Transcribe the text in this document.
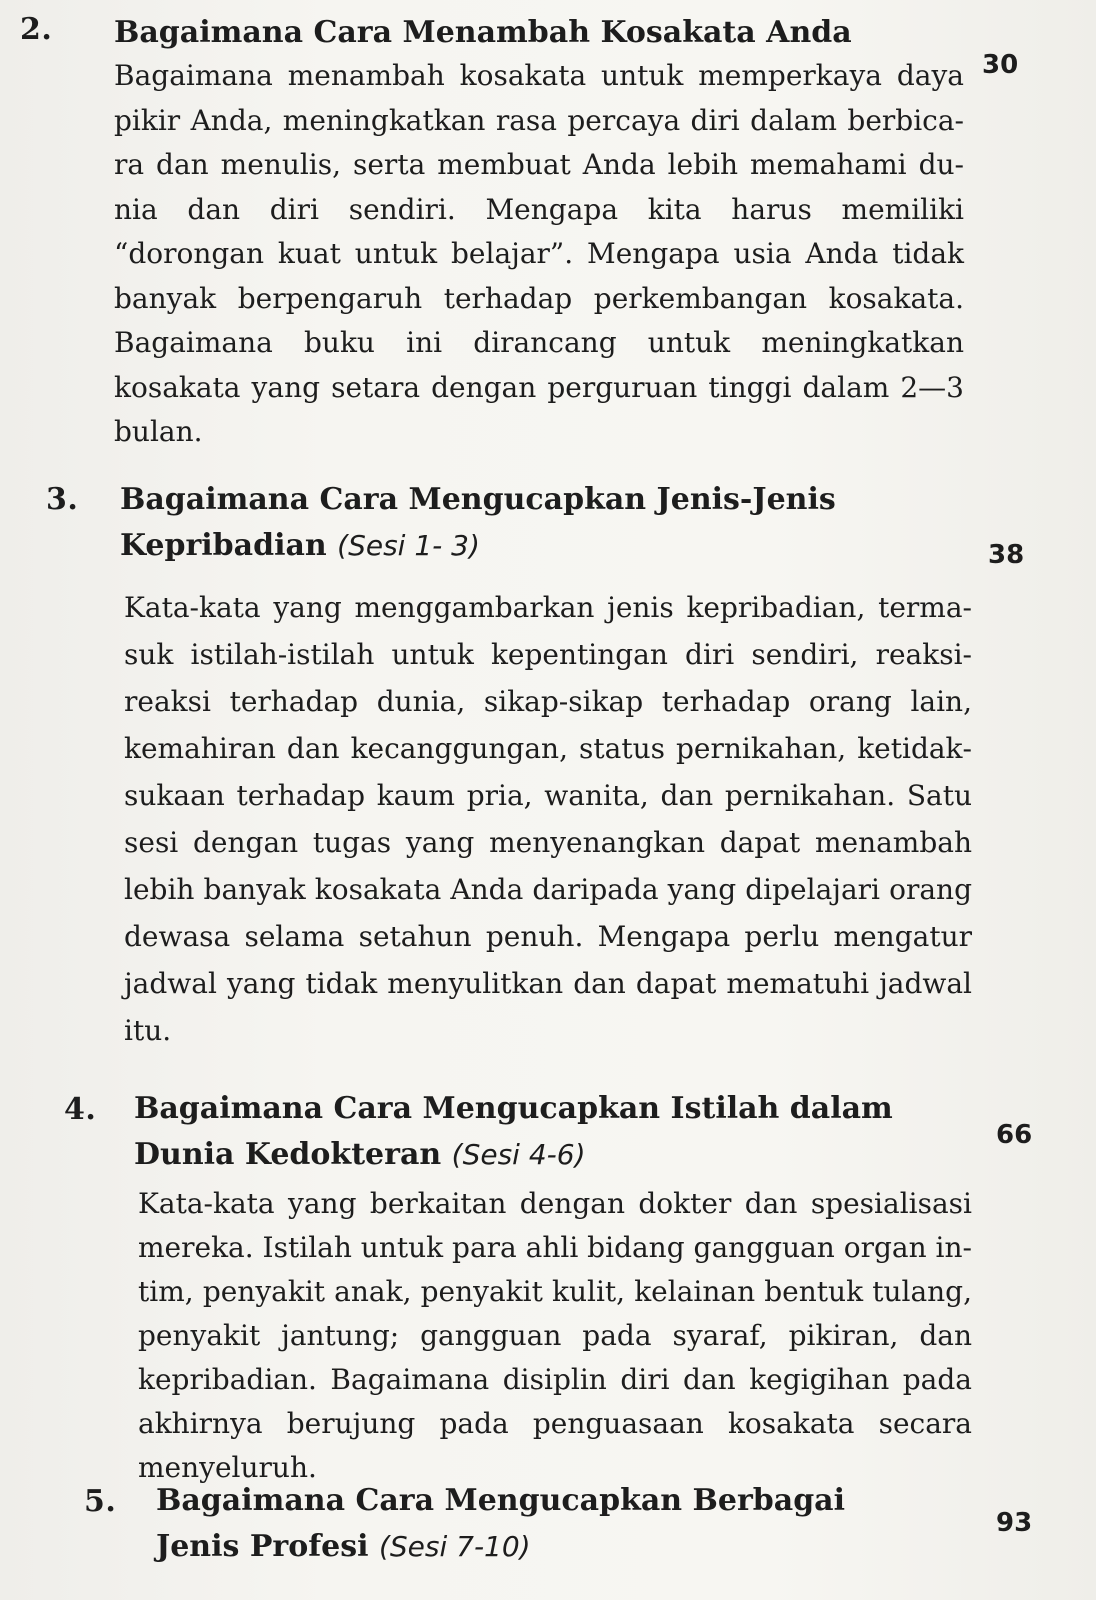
2. Bagaimana Cara Menambah Kosakata Anda
30
Bagaimana menambah kosakata untuk memperkaya daya pikir Anda, meningkatkan rasa percaya diri dalam berbicara dan menulis, serta membuat Anda lebih memahami dunia dan diri sendiri. Mengapa kita harus memiliki “dorongan kuat untuk belajar”. Mengapa usia Anda tidak banyak berpengaruh terhadap perkembangan kosakata. Bagaimana buku ini dirancang untuk meningkatkan kosakata yang setara dengan perguruan tinggi dalam 2—3 bulan.
3. Bagaimana Cara Mengucapkan Jenis-Jenis Kepribadian (Sesi 1- 3)	38
Kata-kata yang menggambarkan jenis kepribadian, termasuk istilah-istilah untuk kepentingan diri sendiri, reaksi-reaksi terhadap dunia, sikap-sikap terhadap orang lain, kemahiran dan kecanggungan, status pernikahan, ketidaksukaan terhadap kaum pria, wanita, dan pernikahan. Satu sesi dengan tugas yang menyenangkan dapat menambah lebih banyak kosakata Anda daripada yang dipelajari orang dewasa selama setahun penuh. Mengapa perlu mengatur jadwal yang tidak menyulitkan dan dapat mematuhi jadwal itu.
4. Bagaimana Cara Mengucapkan Istilah dalam Dunia Kedokteran (Sesi 4-6)
66
Kata-kata yang berkaitan dengan dokter dan spesialisasi mereka. Istilah untuk para ahli bidang gangguan organ intim, penyakit anak, penyakit kulit, kelainan bentuk tulang, penyakit jantung; gangguan pada syaraf, pikiran, dan kepribadian. Bagaimana disiplin diri dan kegigihan pada akhirnya berujung pada penguasaan kosakata secara menyeluruh.
5. Bagaimana Cara Mengucapkan Berbagai Jenis Profesi (Sesi 7-10)
93
